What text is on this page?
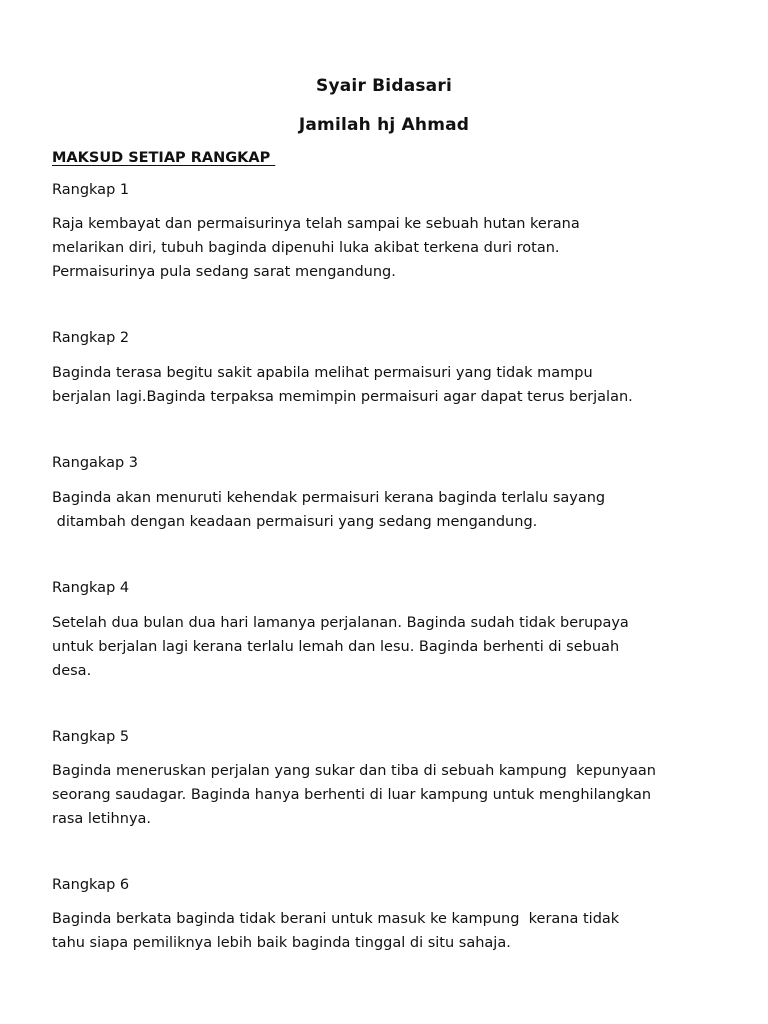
Syair Bidasari
Jamilah hj Ahmad
MAKSUD SETIAP RANGKAP
Rangkap 1
Raja kembayat dan permaisurinya telah sampai ke sebuah hutan kerana
melarikan diri, tubuh baginda dipenuhi luka akibat terkena duri rotan.
Permaisurinya pula sedang sarat mengandung.
Rangkap 2
Baginda terasa begitu sakit apabila melihat permaisuri yang tidak mampu
berjalan lagi.Baginda terpaksa memimpin permaisuri agar dapat terus berjalan.
Rangakap 3
Baginda akan menuruti kehendak permaisuri kerana baginda terlalu sayang
ditambah dengan keadaan permaisuri yang sedang mengandung.
Rangkap 4
Setelah dua bulan dua hari lamanya perjalanan. Baginda sudah tidak berupaya
untuk berjalan lagi kerana terlalu lemah dan lesu. Baginda berhenti di sebuah
desa.
Rangkap 5
Baginda meneruskan perjalan yang sukar dan tiba di sebuah kampung  kepunyaan
seorang saudagar. Baginda hanya berhenti di luar kampung untuk menghilangkan
rasa letihnya.
Rangkap 6
Baginda berkata baginda tidak berani untuk masuk ke kampung  kerana tidak
tahu siapa pemiliknya lebih baik baginda tinggal di situ sahaja.
